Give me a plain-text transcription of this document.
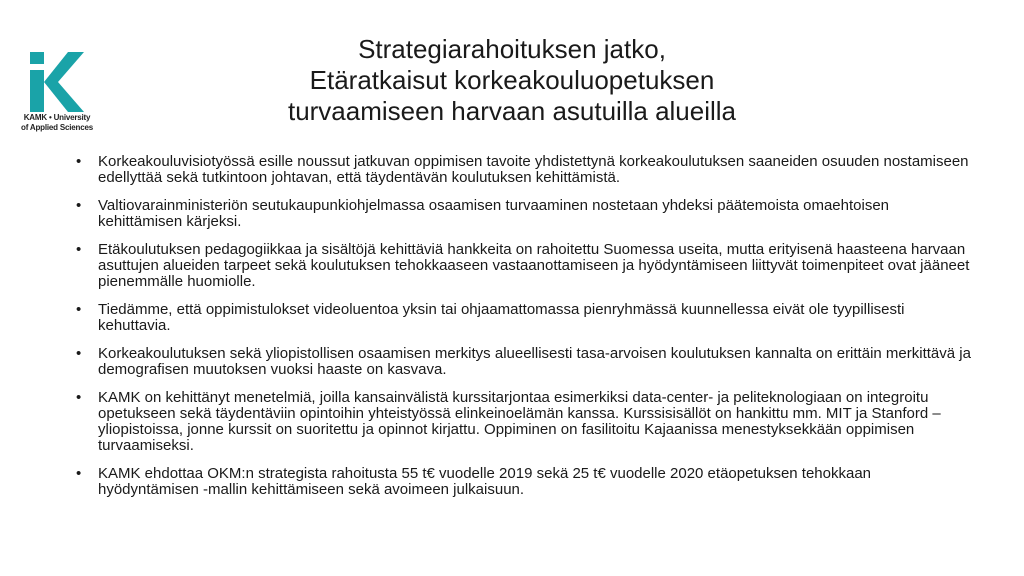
KAMK • University
of Applied Sciences
Strategiarahoituksen jatko,
Etäratkaisut korkeakouluopetuksen
turvaamiseen harvaan asutuilla alueilla
• Korkeakouluvisiotyössä esille noussut jatkuvan oppimisen tavoite yhdistettynä korkeakoulutuksen saaneiden osuuden nostamiseen edellyttää sekä tutkintoon johtavan, että täydentävän koulutuksen kehittämistä.
• Valtiovarainministeriön seutukaupunkiohjelmassa osaamisen turvaaminen nostetaan yhdeksi päätemoista omaehtoisen kehittämisen kärjeksi.
• Etäkoulutuksen pedagogiikkaa ja sisältöjä kehittäviä hankkeita on rahoitettu Suomessa useita, mutta erityisenä haasteena harvaan asuttujen alueiden tarpeet sekä koulutuksen tehokkaaseen vastaanottamiseen ja hyödyntämiseen liittyvät toimenpiteet ovat jääneet pienemmälle huomiolle.
• Tiedämme, että oppimistulokset videoluentoa yksin tai ohjaamattomassa pienryhmässä kuunnellessa eivät ole tyypillisesti kehuttavia.
• Korkeakoulutuksen sekä yliopistollisen osaamisen merkitys alueellisesti tasa-arvoisen koulutuksen kannalta on erittäin merkittävä ja demografisen muutoksen vuoksi haaste on kasvava.
• KAMK on kehittänyt menetelmiä, joilla kansainvälistä kurssitarjontaa esimerkiksi data-center- ja peliteknologiaan on integroitu opetukseen sekä täydentäviin opintoihin yhteistyössä elinkeinoelämän kanssa. Kurssisisällöt on hankittu mm. MIT ja Stanford –yliopistoissa, jonne kurssit on suoritettu ja opinnot kirjattu. Oppiminen on fasilitoitu Kajaanissa menestyksekkään oppimisen turvaamiseksi.
• KAMK ehdottaa OKM:n strategista rahoitusta 55 t€ vuodelle 2019 sekä 25 t€ vuodelle 2020 etäopetuksen tehokkaan hyödyntämisen -mallin kehittämiseen sekä avoimeen julkaisuun.
